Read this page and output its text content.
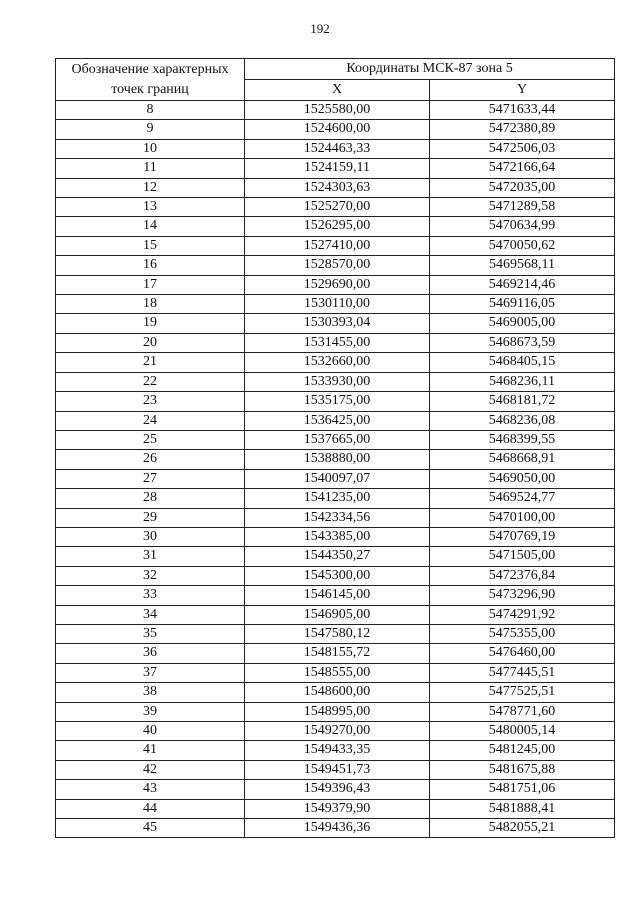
192
Обозначение характерных
точек границ	Координаты МСК-87 зона 5	
	X	Y
8	1525580,00	5471633,44
9	1524600,00	5472380,89
10	1524463,33	5472506,03
11	1524159,11	5472166,64
12	1524303,63	5472035,00
13	1525270,00	5471289,58
14	1526295,00	5470634,99
15	1527410,00	5470050,62
16	1528570,00	5469568,11
17	1529690,00	5469214,46
18	1530110,00	5469116,05
19	1530393,04	5469005,00
20	1531455,00	5468673,59
21	1532660,00	5468405,15
22	1533930,00	5468236,11
23	1535175,00	5468181,72
24	1536425,00	5468236,08
25	1537665,00	5468399,55
26	1538880,00	5468668,91
27	1540097,07	5469050,00
28	1541235,00	5469524,77
29	1542334,56	5470100,00
30	1543385,00	5470769,19
31	1544350,27	5471505,00
32	1545300,00	5472376,84
33	1546145,00	5473296,90
34	1546905,00	5474291,92
35	1547580,12	5475355,00
36	1548155,72	5476460,00
37	1548555,00	5477445,51
38	1548600,00	5477525,51
39	1548995,00	5478771,60
40	1549270,00	5480005,14
41	1549433,35	5481245,00
42	1549451,73	5481675,88
43	1549396,43	5481751,06
44	1549379,90	5481888,41
45	1549436,36	5482055,21
